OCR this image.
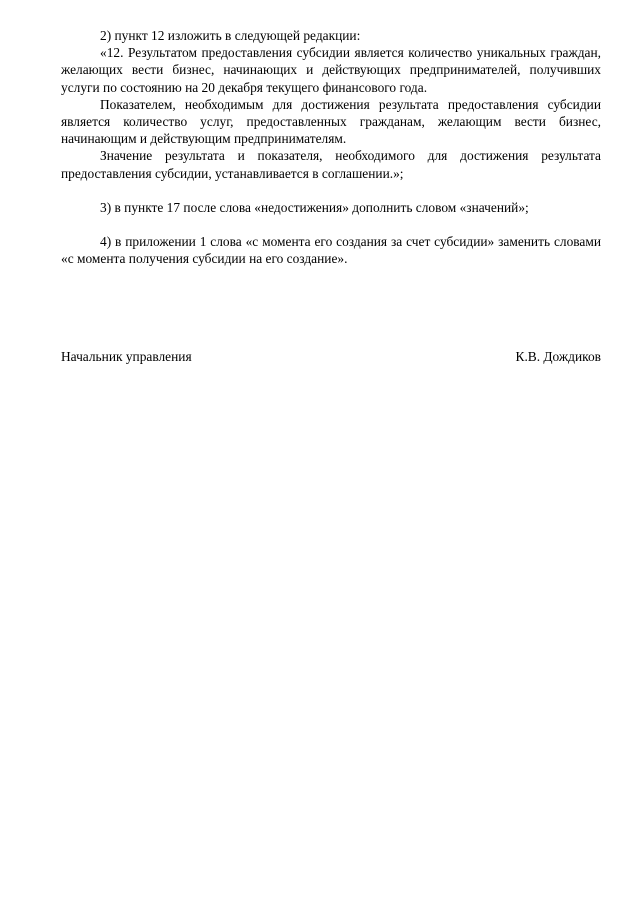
2) пункт 12 изложить в следующей редакции:

«12. Результатом предоставления субсидии является количество уникальных граждан, желающих вести бизнес, начинающих и действующих предпринимателей, получивших услуги по состоянию на 20 декабря текущего финансового года.

Показателем, необходимым для достижения результата предоставления субсидии является количество услуг, предоставленных гражданам, желающим вести бизнес, начинающим и действующим предпринимателям.

Значение результата и показателя, необходимого для достижения результата предоставления субсидии, устанавливается в соглашении.»;

3) в пункте 17 после слова «недостижения» дополнить словом «значений»;

4) в приложении 1 слова «с момента его создания за счет субсидии» заменить словами «с момента получения субсидии на его создание».

Начальник управления	К.В. Дождиков
